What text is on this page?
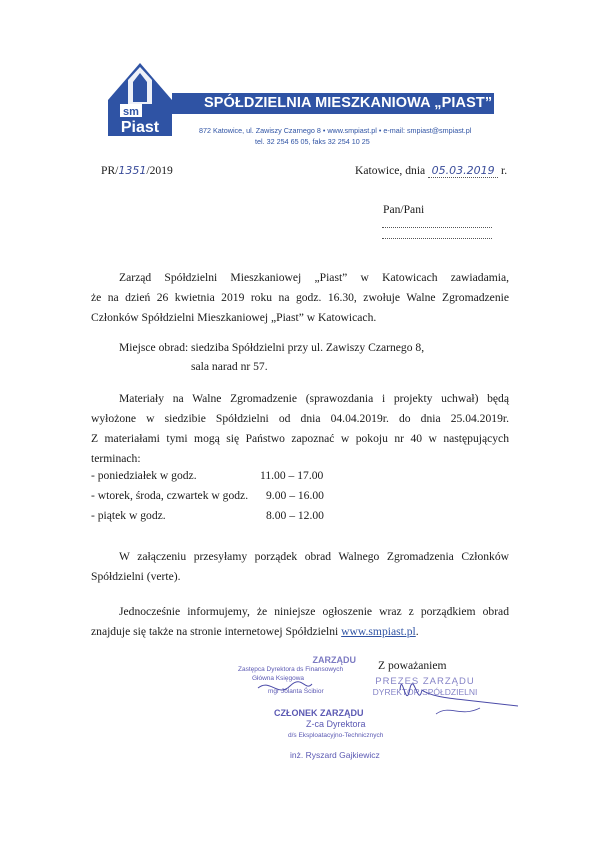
sm
Piast
SPÓŁDZIELNIA MIESZKANIOWA „PIAST”
872 Katowice, ul. Zawiszy Czarnego 8 • www.smpiast.pl • e-mail: smpiast@smpiast.pl
tel. 32 254 65 05, faks 32 254 10 25
PR/1351/2019	Katowice, dnia 05.03.2019 r.
Pan/Pani

Zarząd Spółdzielni Mieszkaniowej „Piast” w Katowicach zawiadamia,

że na dzień 26 kwietnia 2019 roku na godz. 16.30, zwołuje Walne Zgromadzenie

Członków Spółdzielni Mieszkaniowej „Piast” w Katowicach.

Miejsce obrad: siedziba Spółdzielni przy ul. Zawiszy Czarnego 8,
sala narad nr 57.

Materiały na Walne Zgromadzenie (sprawozdania i projekty uchwał) będą

wyłożone w siedzibie Spółdzielni od dnia 04.04.2019r. do dnia 25.04.2019r.

Z materiałami tymi mogą się Państwo zapoznać w pokoju nr 40 w następujących

terminach:

- poniedziałek w godz.	11.00 – 17.00
- wtorek, środa, czwartek w godz. 9.00 – 16.00
- piątek w godz.	8.00 – 12.00

W załączeniu przesyłamy porządek obrad Walnego Zgromadzenia Członków

Spółdzielni (verte).

Jednocześnie informujemy, że niniejsze ogłoszenie wraz z porządkiem obrad

znajduje się także na stronie internetowej Spółdzielni www.smpiast.pl.

Z poważaniem
ZARZĄDU
Zastępca Dyrektora ds Finansowych
Główna Księgowa
mgr Jolanta Ścibior
PREZES ZARZĄDU
DYREKTOR SPÓŁDZIELNI
CZŁONEK ZARZĄDU
Z-ca Dyrektora
d/s Eksploatacyjno-Technicznych
inż. Ryszard Gajkiewicz
